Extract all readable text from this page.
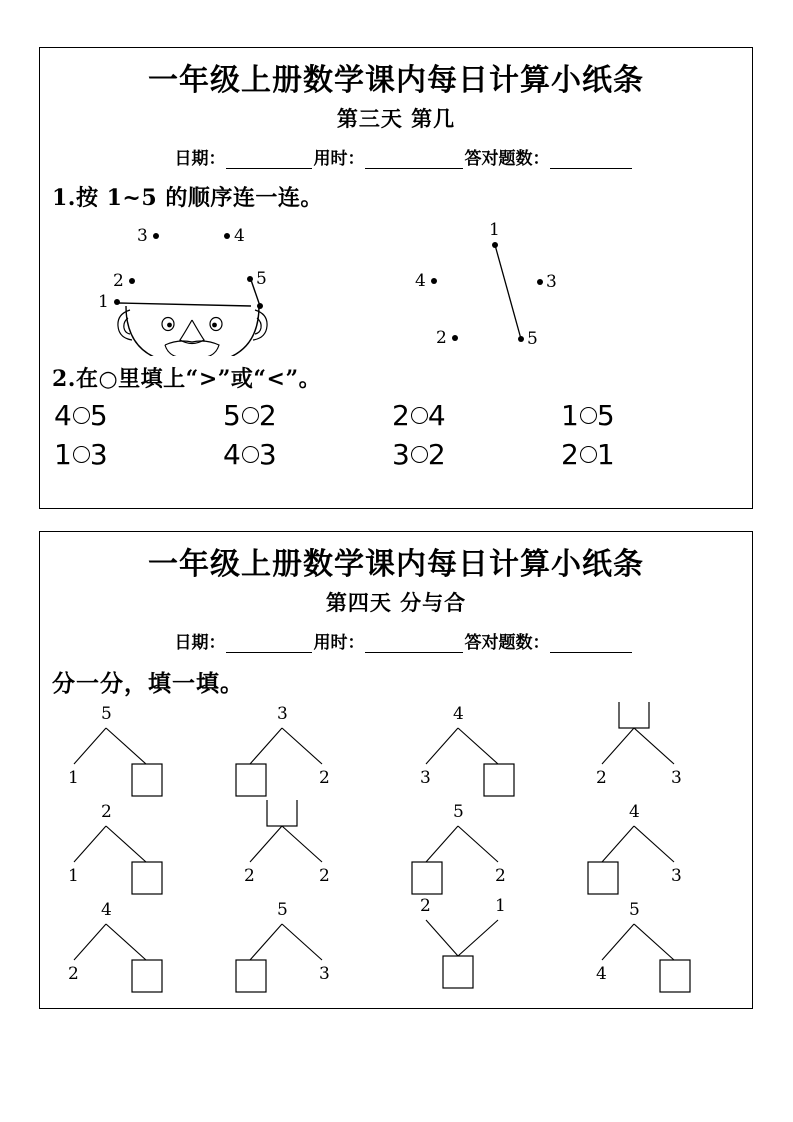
一年级上册数学课内每日计算小纸条
第三天 第几
日期：	用时：	答对题数：
1.按 1~5 的顺序连一连。
1
2
3	4
5
1
2
3
4
5
2.在○里填上“>”或“<”。
4 5	5 2	2 4	1 5
1 3	4 3	3 2	2 1
一年级上册数学课内每日计算小纸条
第四天 分与合
日期：	用时：	答对题数：
分一分，填一填。
5
1
3
2
4
3	2	3
2
1	2	2
5
2
4
3
4
2
5
3
2	1	5
4
